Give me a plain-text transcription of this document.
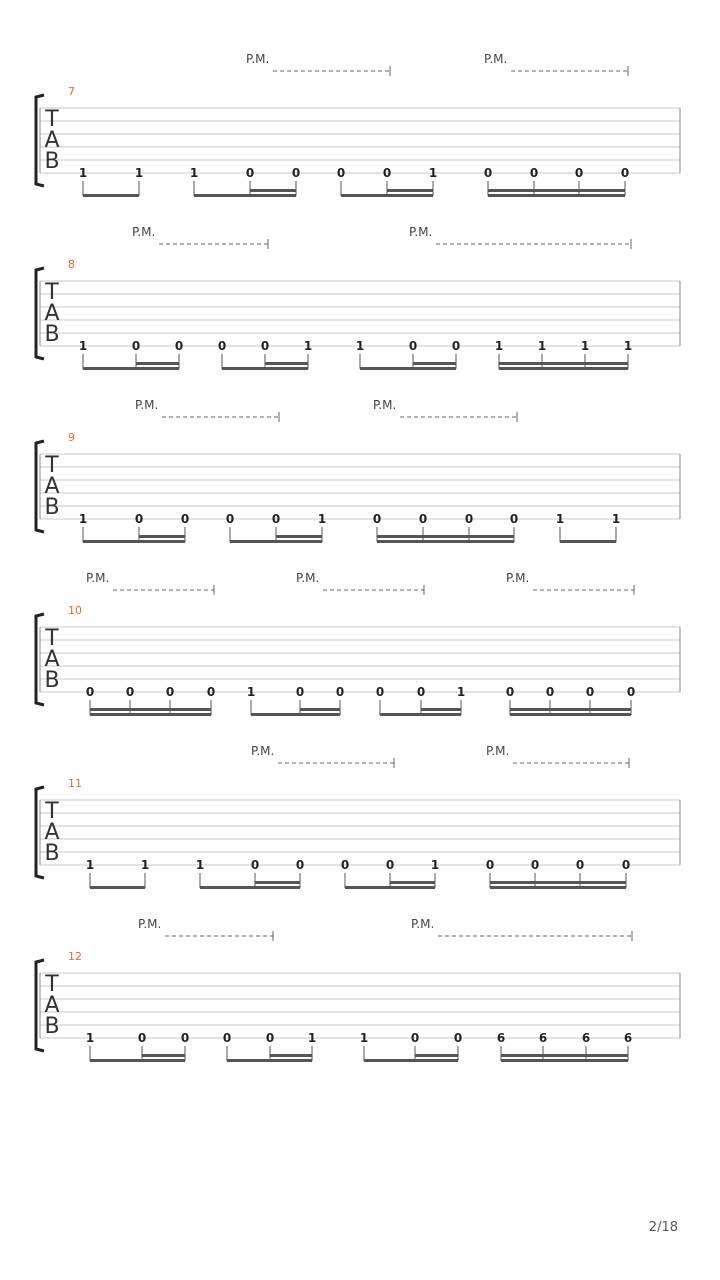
T
A
B
7
P.M.	P.M.
1	1	1	0	0	0	0	1	0	0	0	0
T
A
B
8
P.M.	P.M.
1	0	0	0	0	1	1	0	0	1	1	1	1
T
A
B
9
P.M.	P.M.
1	0	0	0	0	1	0	0	0	0	1	1
T
A
B
10
P.M.	P.M.	P.M.
0	0	0	0	1	0	0	0	0	1	0	0	0	0
T
A
B
11
P.M.	P.M.
1	1	1	0	0	0	0	1	0	0	0	0
T
A
B
12
P.M.	P.M.
1	0	0	0	0	1	1	0	0	6	6	6	6
2/18
